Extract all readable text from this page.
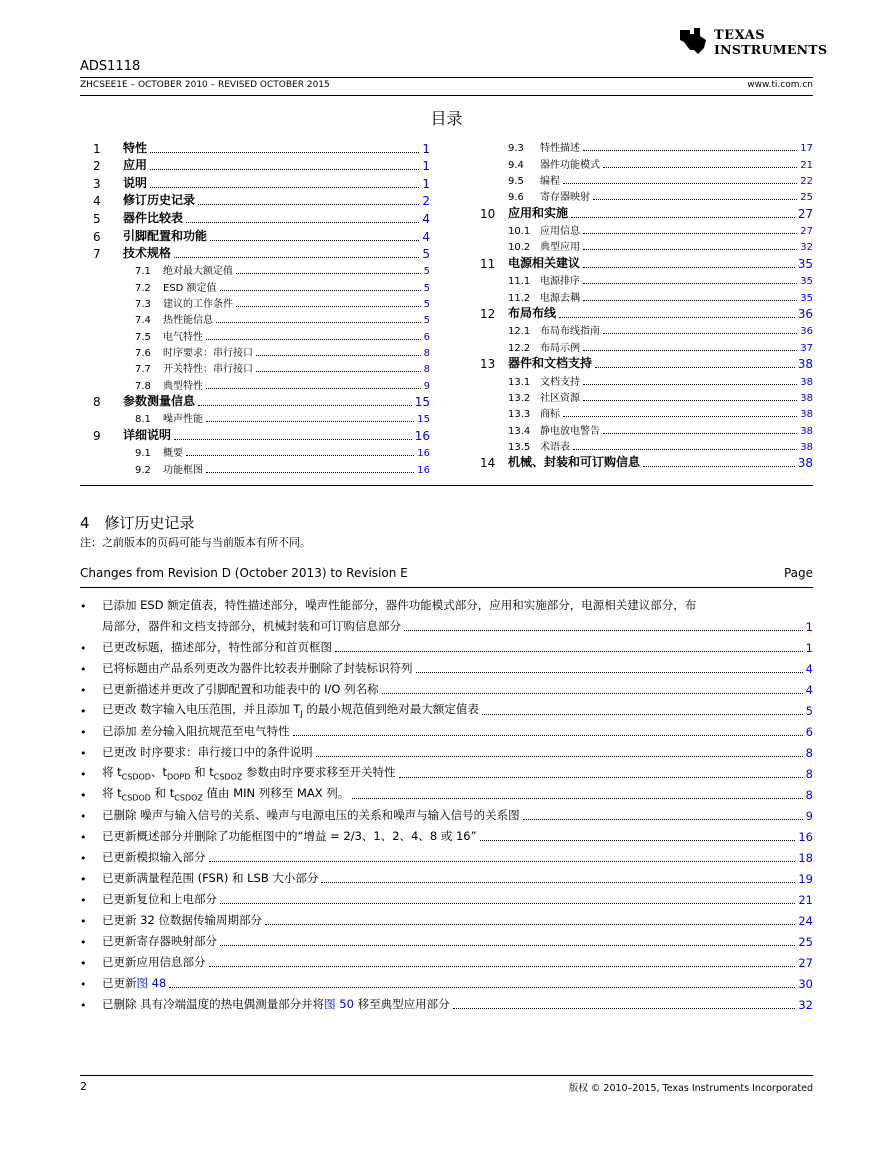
TEXAS
INSTRUMENTS
ADS1118
ZHCSEE1E – OCTOBER 2010 – REVISED OCTOBER 2015	www.ti.com.cn
目录
1	特性	1
2	应用	1
3	说明	1
4	修订历史记录	2
5	器件比较表	4
6	引脚配置和功能	4
7	技术规格	5
7.1	绝对最大额定值	5
7.2	ESD 额定值	5
7.3	建议的工作条件	5
7.4	热性能信息	5
7.5	电气特性	6
7.6	时序要求：串行接口	8
7.7	开关特性：串行接口	8
7.8	典型特性	9
8	参数测量信息	15
8.1	噪声性能	15
9	详细说明	16
9.1	概要	16
9.2	功能框图	16
9.3	特性描述	17
9.4	器件功能模式	21
9.5	编程	22
9.6	寄存器映射	25
10	应用和实施	27
10.1 应用信息	27
10.2 典型应用	32
11	电源相关建议	35
11.1 电源排序	35
11.2 电源去耦	35
12	布局布线	36
12.1 布局布线指南	36
12.2 布局示例	37
13	器件和文档支持	38
13.1 文档支持	38
13.2 社区资源	38
13.3 商标	38
13.4 静电放电警告	38
13.5 术语表	38
14	机械、封装和可订购信息	38
4 修订历史记录
注：之前版本的页码可能与当前版本有所不同。
Changes from Revision D (October 2013) to Revision E	Page
•	已添加 ESD 额定值表，特性描述部分，噪声性能部分，器件功能模式部分，应用和实施部分，电源相关建议部分，布
局部分，器件和文档支持部分，机械封装和可订购信息部分	1
•	已更改标题，描述部分，特性部分和首页框图	1
•	已将标题由产品系列更改为器件比较表并删除了封装标识符列	4
•	已更新描述并更改了引脚配置和功能表中的 I/O 列名称	4
•	已更改 数字输入电压范围，并且添加 $T_J$ 的最小规范值到绝对最大额定值表	5
•	已添加 差分输入阻抗规范至电气特性	6
•	已更改 时序要求：串行接口中的条件说明	8
•	将 $t_{CSDOD}$、$t_{DOPD}$ 和 $t_{CSDOZ}$ 参数由时序要求移至开关特性	8
•	将 $t_{CSDOD}$ 和 $t_{CSDOZ}$ 值由 MIN 列移至 MAX 列。	8
•	已删除 噪声与输入信号的关系、噪声与电源电压的关系和噪声与输入信号的关系图	9
•	已更新概述部分并删除了功能框图中的“增益 = 2/3、1、2、4、8 或 16”	16
•	已更新模拟输入部分	18
•	已更新满量程范围 (FSR) 和 LSB 大小部分	19
•	已更新复位和上电部分	21
•	已更新 32 位数据传输周期部分	24
•	已更新寄存器映射部分	25
•	已更新应用信息部分	27
•	已更新图 48	30
•	已删除 具有冷端温度的热电偶测量部分并将图 50 移至典型应用部分	32
2	版权 © 2010–2015, Texas Instruments Incorporated
